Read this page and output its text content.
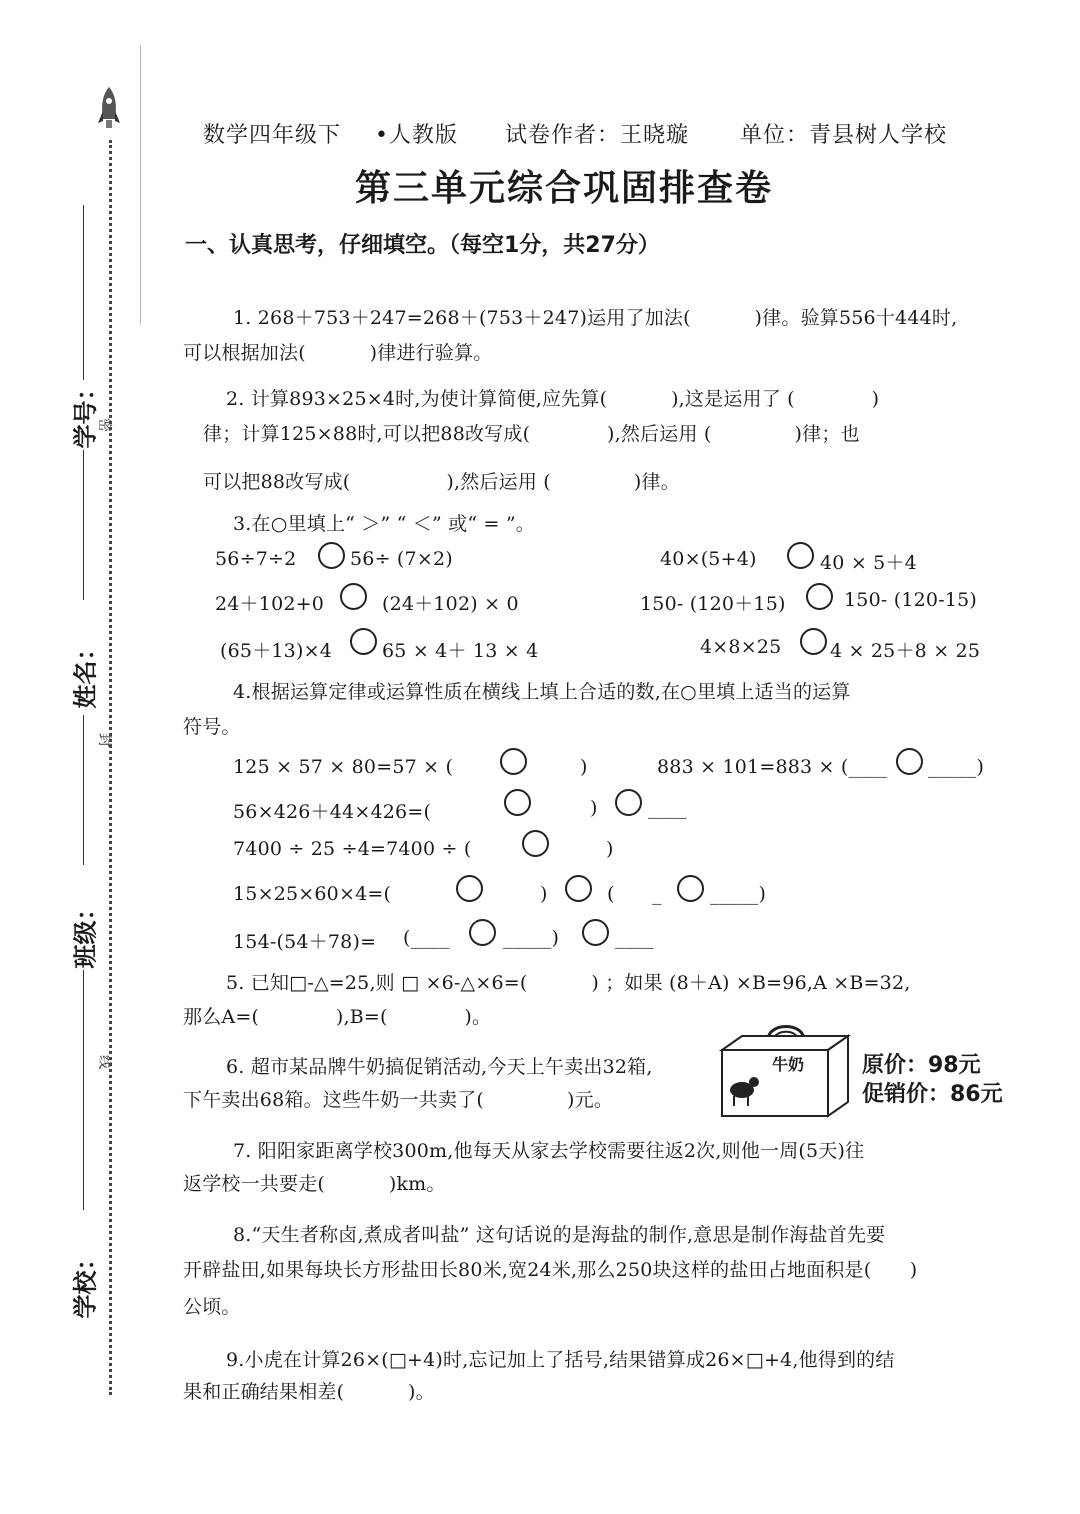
学号：
姓名：
班级：
学校：
密
封
线
数学四年级下 •人教版 试卷作者：王晓璇 单位：青县树人学校
第三单元综合巩固排查卷
一、认真思考，仔细填空。（每空1分，共27分）
1. 268＋753＋247=268＋(753＋247)运用了加法(　　　 )律。验算556十444时,
可以根据加法(　　　 )律进行验算。
2. 计算893×25×4时,为使计算简便,应先算(　　　 ),这是运用了 (　　　　)
律；计算125×88时,可以把88改写成(　　　　),然后运用 (　　　　 )律；也
可以把88改写成(　　　　　),然后运用 (　　　　 )律。
3.在○里填上“ ＞” “ ＜” 或“ = ”。
56÷7÷2	56÷ (7×2)	40×(5+4)	40 × 5＋4
24＋102+0	(24＋102) × 0	150- (120＋15)	150- (120-15)
(65＋13)×4	65 × 4＋ 13 × 4	4×8×25	4 × 25＋8 × 25
4.根据运算定律或运算性质在横线上填上合适的数,在○里填上适当的运算
符号。
125 × 57 × 80=57 × (	)	883 × 101=883 × (____ _____)
56×426＋44×426=(	)	____
7400 ÷ 25 ÷4=7400 ÷ (	)
15×25×60×4=(	)	( _	_____)
154-(54＋78)= (____	_____)	____
5. 已知□-△=25,则 □ ×6-△×6=(　　　 ) ；如果 (8＋A) ×B=96,A ×B=32,
那么A=(　　　　),B=(　　　　)。
6. 超市某品牌牛奶搞促销活动,今天上午卖出32箱,
下午卖出68箱。这些牛奶一共卖了(　　　　 )元。
牛奶	原价：98元
促销价：86元
7. 阳阳家距离学校300m,他每天从家去学校需要往返2次,则他一周(5天)往
返学校一共要走(　　　 )km。
8.“天生者称卤,煮成者叫盐” 这句话说的是海盐的制作,意思是制作海盐首先要
开辟盐田,如果每块长方形盐田长80米,宽24米,那么250块这样的盐田占地面积是(　　)
公顷。
9.小虎在计算26×(□+4)时,忘记加上了括号,结果错算成26×□+4,他得到的结
果和正确结果相差(　　　 )。
